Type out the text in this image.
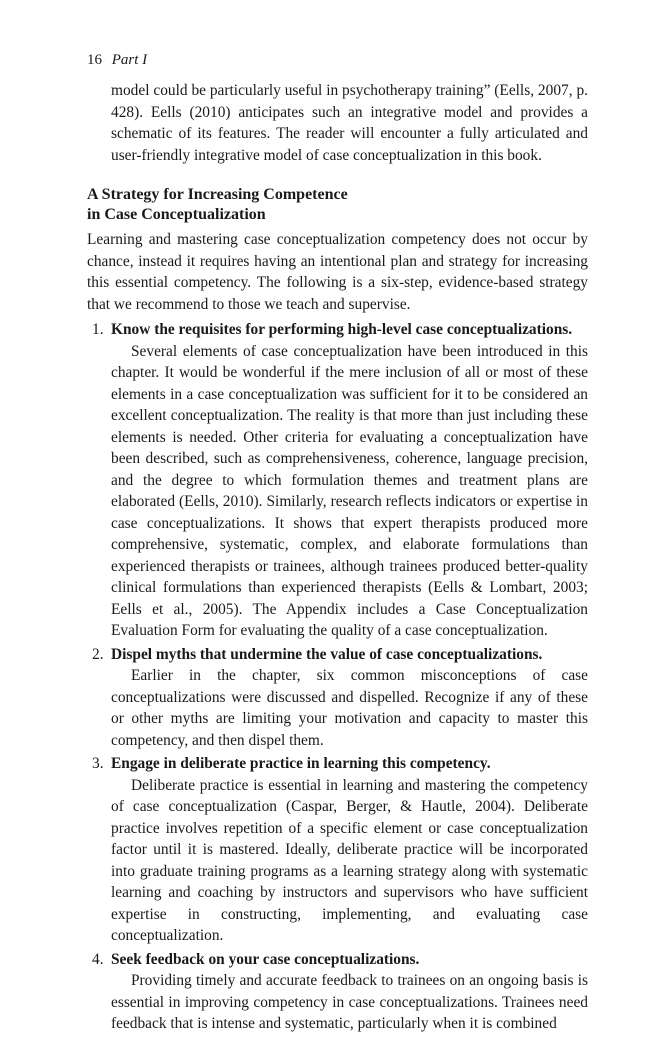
16 Part I

model could be particularly useful in psychotherapy training” (Eells, 2007, p. 428). Eells (2010) anticipates such an integrative model and provides a schematic of its features. The reader will encounter a fully articulated and user-friendly integrative model of case conceptualization in this book.

A Strategy for Increasing Competence
in Case Conceptualization

Learning and mastering case conceptualization competency does not occur by chance, instead it requires having an intentional plan and strategy for increasing this essential competency. The following is a six-step, evidence-based strategy that we recommend to those we teach and supervise.

1. Know the requisites for performing high-level case conceptualizations.
Several elements of case conceptualization have been introduced in this chapter. It would be wonderful if the mere inclusion of all or most of these elements in a case conceptualization was sufficient for it to be considered an excellent conceptualization. The reality is that more than just including these elements is needed. Other criteria for evaluating a conceptualization have been described, such as comprehensiveness, coherence, language precision, and the degree to which formulation themes and treatment plans are elaborated (Eells, 2010). Similarly, research reflects indicators or expertise in case conceptualizations. It shows that expert therapists produced more comprehensive, systematic, complex, and elaborate formulations than experienced therapists or trainees, although trainees produced better-quality clinical formulations than experienced therapists (Eells & Lombart, 2003; Eells et al., 2005). The Appendix includes a Case Conceptualization Evaluation Form for evaluating the quality of a case conceptualization.
2. Dispel myths that undermine the value of case conceptualizations.
Earlier in the chapter, six common misconceptions of case conceptualizations were discussed and dispelled. Recognize if any of these or other myths are limiting your motivation and capacity to master this competency, and then dispel them.
3. Engage in deliberate practice in learning this competency.
Deliberate practice is essential in learning and mastering the competency of case conceptualization (Caspar, Berger, & Hautle, 2004). Deliberate practice involves repetition of a specific element or case conceptualization factor until it is mastered. Ideally, deliberate practice will be incorporated into graduate training programs as a learning strategy along with systematic learning and coaching by instructors and supervisors who have sufficient expertise in constructing, implementing, and evaluating case conceptualization.
4. Seek feedback on your case conceptualizations.
Providing timely and accurate feedback to trainees on an ongoing basis is essential in improving competency in case conceptualizations. Trainees need feedback that is intense and systematic, particularly when it is combined
